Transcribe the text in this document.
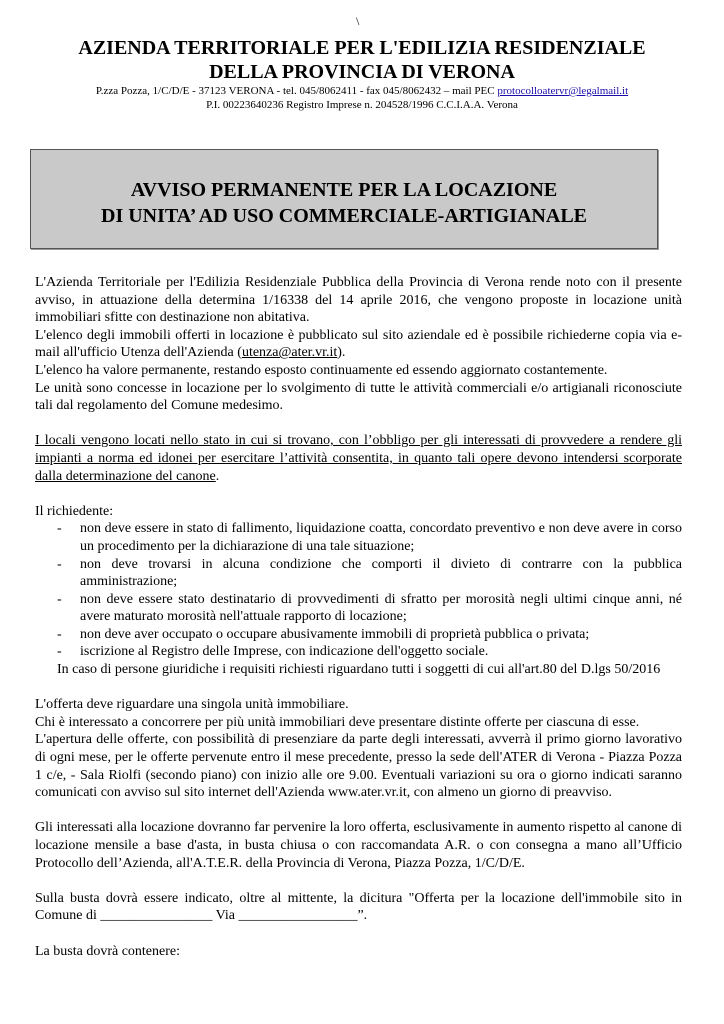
\

AZIENDA TERRITORIALE PER L'EDILIZIA RESIDENZIALE

DELLA PROVINCIA DI VERONA

P.zza Pozza, 1/C/D/E - 37123 VERONA - tel. 045/8062411 - fax 045/8062432 – mail PEC protocolloatervr@legalmail.it

P.I. 00223640236 Registro Imprese n. 204528/1996 C.C.I.A.A. Verona

AVVISO PERMANENTE PER LA LOCAZIONE

DI UNITA’ AD USO COMMERCIALE-ARTIGIANALE

L'Azienda Territoriale per l'Edilizia Residenziale Pubblica della Provincia di Verona rende noto con il presente avviso, in attuazione della determina 1/16338 del 14 aprile 2016, che vengono proposte in locazione unità immobiliari sfitte con destinazione non abitativa.

L'elenco degli immobili offerti in locazione è pubblicato sul sito aziendale ed è possibile richiederne copia via e-mail all'ufficio Utenza dell'Azienda (utenza@ater.vr.it).

L'elenco ha valore permanente, restando esposto continuamente ed essendo aggiornato costantemente.

Le unità sono concesse in locazione per lo svolgimento di tutte le attività commerciali e/o artigianali riconosciute tali dal regolamento del Comune medesimo.

I locali vengono locati nello stato in cui si trovano, con l’obbligo per gli interessati di provvedere a rendere gli impianti a norma ed idonei per esercitare l’attività consentita, in quanto tali opere devono intendersi scorporate dalla determinazione del canone.

Il richiedente:

- non deve essere in stato di fallimento, liquidazione coatta, concordato preventivo e non deve avere in corso un procedimento per la dichiarazione di una tale situazione;
- non deve trovarsi in alcuna condizione che comporti il divieto di contrarre con la pubblica amministrazione;
- non deve essere stato destinatario di provvedimenti di sfratto per morosità negli ultimi cinque anni, né avere maturato morosità nell'attuale rapporto di locazione;
- non deve aver occupato o occupare abusivamente immobili di proprietà pubblica o privata;
- iscrizione al Registro delle Imprese, con indicazione dell'oggetto sociale.

In caso di persone giuridiche i requisiti richiesti riguardano tutti i soggetti di cui all'art.80 del D.lgs 50/2016

L'offerta deve riguardare una singola unità immobiliare.

Chi è interessato a concorrere per più unità immobiliari deve presentare distinte offerte per ciascuna di esse.

L'apertura delle offerte, con possibilità di presenziare da parte degli interessati, avverrà il primo giorno lavorativo di ogni mese, per le offerte pervenute entro il mese precedente, presso la sede dell'ATER di Verona - Piazza Pozza 1 c/e, - Sala Riolfi (secondo piano) con inizio alle ore 9.00. Eventuali variazioni su ora o giorno indicati saranno comunicati con avviso sul sito internet dell'Azienda www.ater.vr.it, con almeno un giorno di preavviso.

Gli interessati alla locazione dovranno far pervenire la loro offerta, esclusivamente in aumento rispetto al canone di locazione mensile a base d'asta, in busta chiusa o con raccomandata A.R. o con consegna a mano all’Ufficio Protocollo dell’Azienda, all'A.T.E.R. della Provincia di Verona, Piazza Pozza, 1/C/D/E.

Sulla busta dovrà essere indicato, oltre al mittente, la dicitura "Offerta per la locazione dell'immobile sito in Comune di ________________ Via _________________”.

La busta dovrà contenere:
